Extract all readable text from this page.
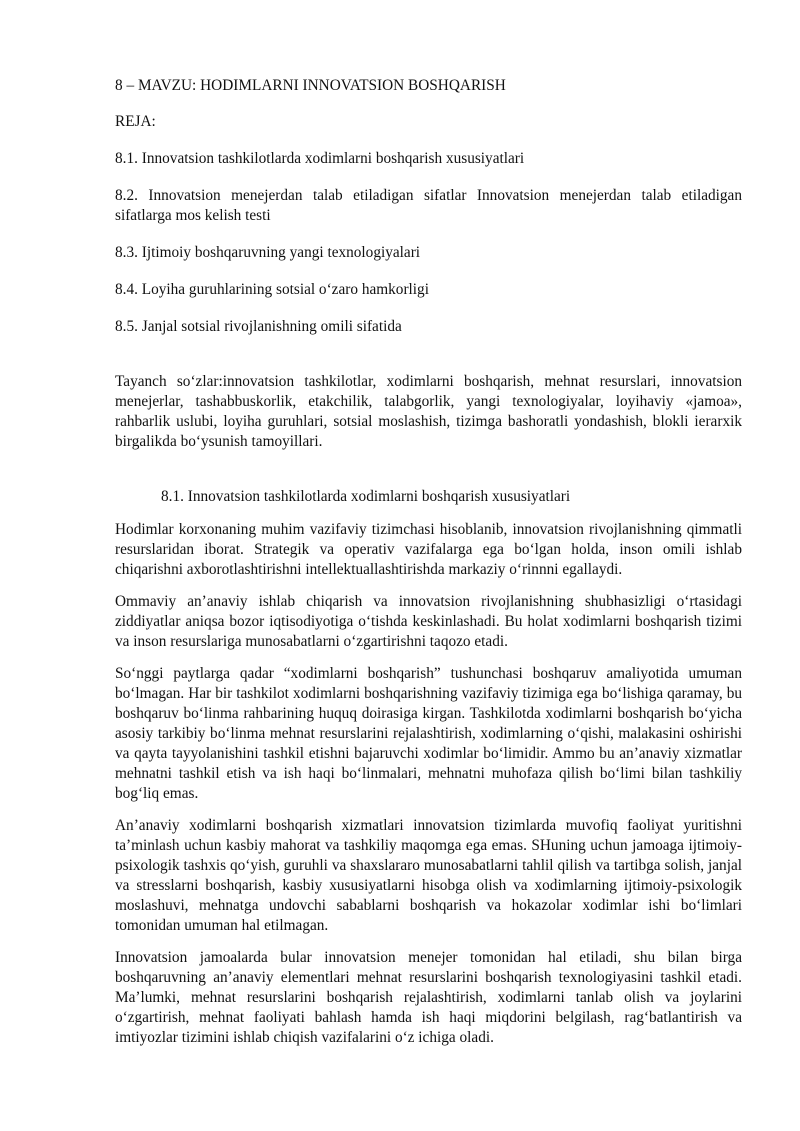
8 – MAVZU: HODIMLARNI INNOVATSION BOSHQARISH

REJA:

8.1. Innovatsion tashkilotlarda xodimlarni boshqarish xususiyatlari

8.2. Innovatsion menejerdan talab etiladigan sifatlar Innovatsion menejerdan talab etiladigan sifatlarga mos kelish testi

8.3. Ijtimoiy boshqaruvning yangi texnologiyalari

8.4. Loyiha guruhlarining sotsial o‘zaro hamkorligi

8.5. Janjal sotsial rivojlanishning omili sifatida

Tayanch so‘zlar:innovatsion tashkilotlar, xodimlarni boshqarish, mehnat resurslari, innovatsion menejerlar, tashabbuskorlik, etakchilik, talabgorlik, yangi texnologiyalar, loyihaviy «jamoa», rahbarlik uslubi, loyiha guruhlari, sotsial moslashish, tizimga bashoratli yondashish, blokli ierarxik birgalikda bo‘ysunish tamoyillari.

8.1. Innovatsion tashkilotlarda xodimlarni boshqarish xususiyatlari

Hodimlar korxonaning muhim vazifaviy tizimchasi hisoblanib, innovatsion rivojlanishning qimmatli resurslaridan iborat. Strategik va operativ vazifalarga ega bo‘lgan holda, inson omili ishlab chiqarishni axborotlashtirishni intellektuallashtirishda markaziy o‘rinnni egallaydi.

Ommaviy an’anaviy ishlab chiqarish va innovatsion rivojlanishning shubhasizligi o‘rtasidagi ziddiyatlar aniqsa bozor iqtisodiyotiga o‘tishda keskinlashadi. Bu holat xodimlarni boshqarish tizimi va inson resurslariga munosabatlarni o‘zgartirishni taqozo etadi.

So‘nggi paytlarga qadar “xodimlarni boshqarish” tushunchasi boshqaruv amaliyotida umuman bo‘lmagan. Har bir tashkilot xodimlarni boshqarishning vazifaviy tizimiga ega bo‘lishiga qaramay, bu boshqaruv bo‘linma rahbarining huquq doirasiga kirgan. Tashkilotda xodimlarni boshqarish bo‘yicha asosiy tarkibiy bo‘linma mehnat resurslarini rejalashtirish, xodimlarning o‘qishi, malakasini oshirishi va qayta tayyolanishini tashkil etishni bajaruvchi xodimlar bo‘limidir. Ammo bu an’anaviy xizmatlar mehnatni tashkil etish va ish haqi bo‘linmalari, mehnatni muhofaza qilish bo‘limi bilan tashkiliy bog‘liq emas.

An’anaviy xodimlarni boshqarish xizmatlari innovatsion tizimlarda muvofiq faoliyat yuritishni ta’minlash uchun kasbiy mahorat va tashkiliy maqomga ega emas. SHuning uchun jamoaga ijtimoiy-psixologik tashxis qo‘yish, guruhli va shaxslararo munosabatlarni tahlil qilish va tartibga solish, janjal va stresslarni boshqarish, kasbiy xususiyatlarni hisobga olish va xodimlarning ijtimoiy-psixologik moslashuvi, mehnatga undovchi sabablarni boshqarish va hokazolar xodimlar ishi bo‘limlari tomonidan umuman hal etilmagan.

Innovatsion jamoalarda bular innovatsion menejer tomonidan hal etiladi, shu bilan birga boshqaruvning an’anaviy elementlari mehnat resurslarini boshqarish texnologiyasini tashkil etadi. Ma’lumki, mehnat resurslarini boshqarish rejalashtirish, xodimlarni tanlab olish va joylarini o‘zgartirish, mehnat faoliyati bahlash hamda ish haqi miqdorini belgilash, rag‘batlantirish va imtiyozlar tizimini ishlab chiqish vazifalarini o‘z ichiga oladi.
